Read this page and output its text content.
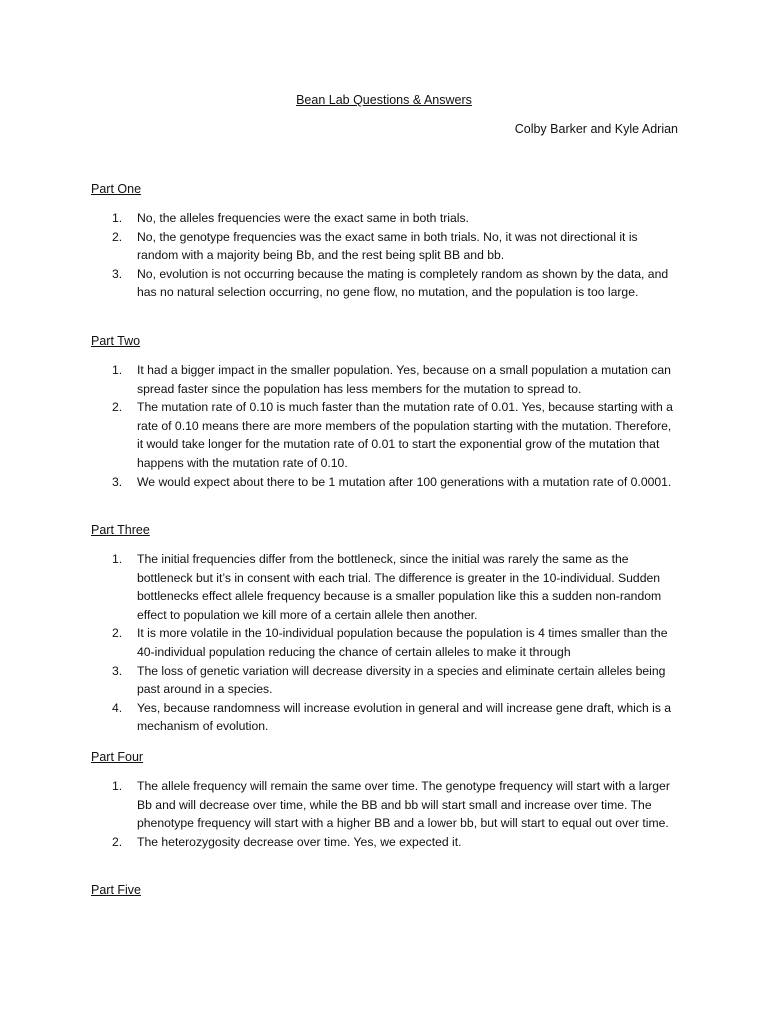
Bean Lab Questions & Answers
Colby Barker and Kyle Adrian
Part One
1. No, the alleles frequencies were the exact same in both trials.
2. No, the genotype frequencies was the exact same in both trials. No, it was not directional it is random with a majority being Bb, and the rest being split BB and bb.
3. No, evolution is not occurring because the mating is completely random as shown by the data, and has no natural selection occurring, no gene flow, no mutation, and the population is too large.
Part Two
1. It had a bigger impact in the smaller population. Yes, because on a small population a mutation can spread faster since the population has less members for the mutation to spread to.
2. The mutation rate of 0.10 is much faster than the mutation rate of 0.01. Yes, because starting with a rate of 0.10 means there are more members of the population starting with the mutation. Therefore, it would take longer for the mutation rate of 0.01 to start the exponential grow of the mutation that happens with the mutation rate of 0.10.
3. We would expect about there to be 1 mutation after 100 generations with a mutation rate of 0.0001.
Part Three
1. The initial frequencies differ from the bottleneck, since the initial was rarely the same as the bottleneck but it’s in consent with each trial. The difference is greater in the 10-individual. Sudden bottlenecks effect allele frequency because is a smaller population like this a sudden non-random effect to population we kill more of a certain allele then another.
2. It is more volatile in the 10-individual population because the population is 4 times smaller than the 40-individual population reducing the chance of certain alleles to make it through
3. The loss of genetic variation will decrease diversity in a species and eliminate certain alleles being past around in a species.
4. Yes, because randomness will increase evolution in general and will increase gene draft, which is a mechanism of evolution.
Part Four
1. The allele frequency will remain the same over time. The genotype frequency will start with a larger Bb and will decrease over time, while the BB and bb will start small and increase over time. The phenotype frequency will start with a higher BB and a lower bb, but will start to equal out over time.
2. The heterozygosity decrease over time. Yes, we expected it.
Part Five
